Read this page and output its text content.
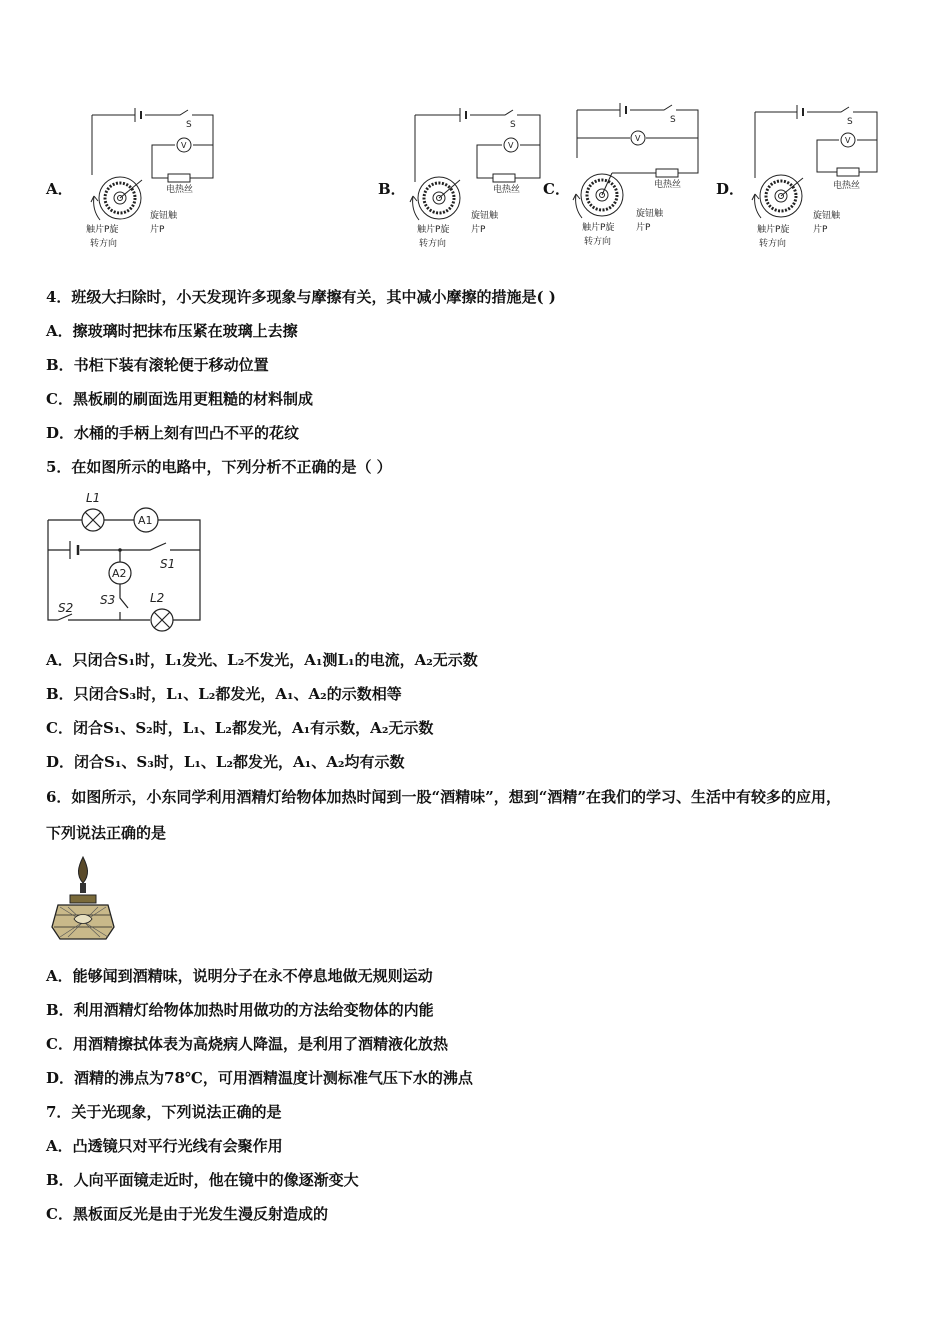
A．
V
S
电热丝
旋钮触
片P
触片P旋
转方向
B．
V
S
电热丝
旋钮触
片P
触片P旋
转方向
C．
V
S
电热丝
旋钮触
片P
触片P旋
转方向
D．
V
S
电热丝
旋钮触
片P
触片P旋
转方向
4．班级大扫除时，小天发现许多现象与摩擦有关，其中减小摩擦的措施是( )
A．擦玻璃时把抹布压紧在玻璃上去擦
B．书柜下装有滚轮便于移动位置
C．黑板刷的刷面选用更粗糙的材料制成
D．水桶的手柄上刻有凹凸不平的花纹
5．在如图所示的电路中，下列分析不正确的是（ ）
L1
A1
A2
S1
S2
S3	L2
A．只闭合S₁时，L₁发光、L₂不发光，A₁测L₁的电流，A₂无示数
B．只闭合S₃时，L₁、L₂都发光，A₁、A₂的示数相等
C．闭合S₁、S₂时，L₁、L₂都发光，A₁有示数，A₂无示数
D．闭合S₁、S₃时，L₁、L₂都发光，A₁、A₂均有示数
6．如图所示，小东同学利用酒精灯给物体加热时闻到一股“酒精味”，想到“酒精”在我们的学习、生活中有较多的应用，
下列说法正确的是
A．能够闻到酒精味，说明分子在永不停息地做无规则运动
B．利用酒精灯给物体加热时用做功的方法给变物体的内能
C．用酒精擦拭体表为高烧病人降温，是利用了酒精液化放热
D．酒精的沸点为78℃，可用酒精温度计测标准气压下水的沸点
7．关于光现象，下列说法正确的是
A．凸透镜只对平行光线有会聚作用
B．人向平面镜走近时，他在镜中的像逐渐变大
C．黑板面反光是由于光发生漫反射造成的
